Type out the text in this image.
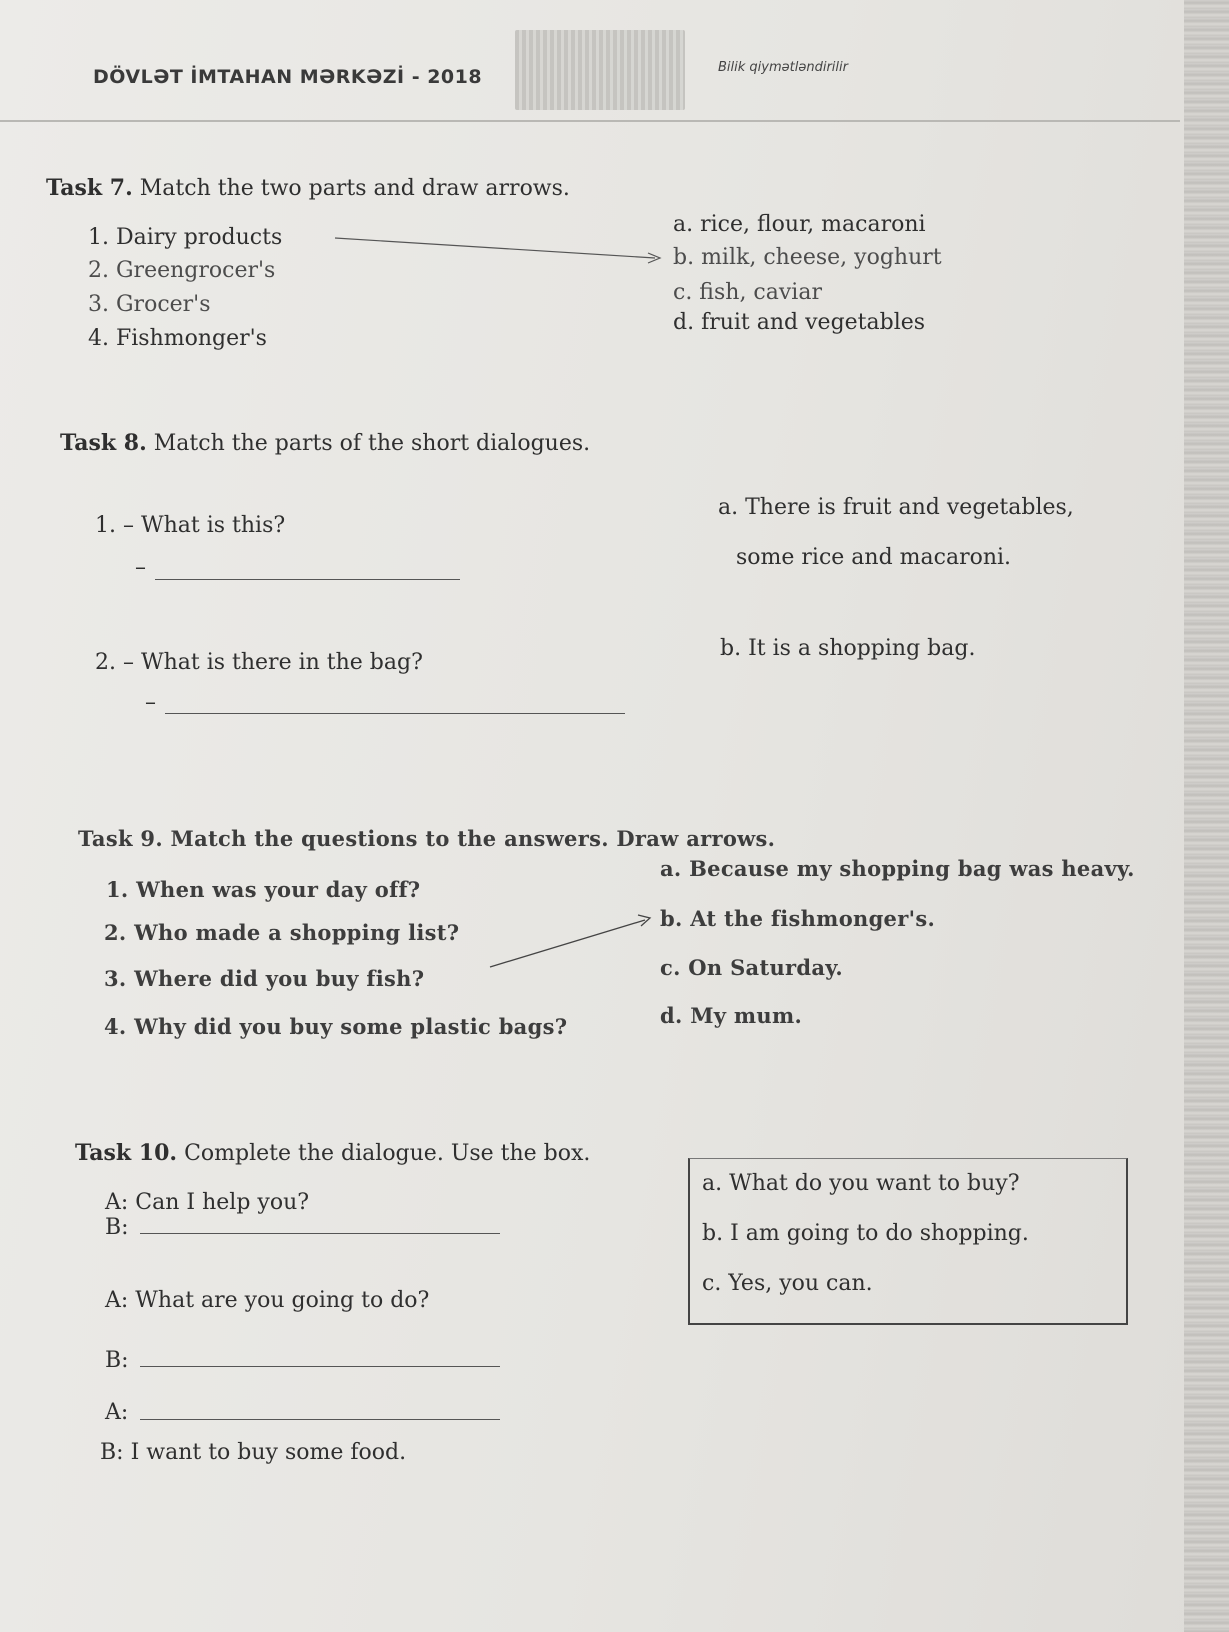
DÖVLƏT İMTAHAN MƏRKƏZİ - 2018	Bilik qiymətləndirilir
Task 7. Match the two parts and draw arrows.
1. Dairy products
2. Greengrocer's
3. Grocer's
4. Fishmonger's
a. rice, flour, macaroni
b. milk, cheese, yoghurt
c. fish, caviar
d. fruit and vegetables
Task 8. Match the parts of the short dialogues.
1. – What is this?
–
2. – What is there in the bag?
–
a. There is fruit and vegetables,
some rice and macaroni.
b. It is a shopping bag.
Task 9. Match the questions to the answers. Draw arrows.
1. When was your day off?
2. Who made a shopping list?
3. Where did you buy fish?
4. Why did you buy some plastic bags?
a. Because my shopping bag was heavy.
b. At the fishmonger's.
c. On Saturday.
d. My mum.
Task 10. Complete the dialogue. Use the box.
A: Can I help you?
B:
A: What are you going to do?
B:
A:
B: I want to buy some food.
a. What do you want to buy?
b. I am going to do shopping.
c. Yes, you can.
